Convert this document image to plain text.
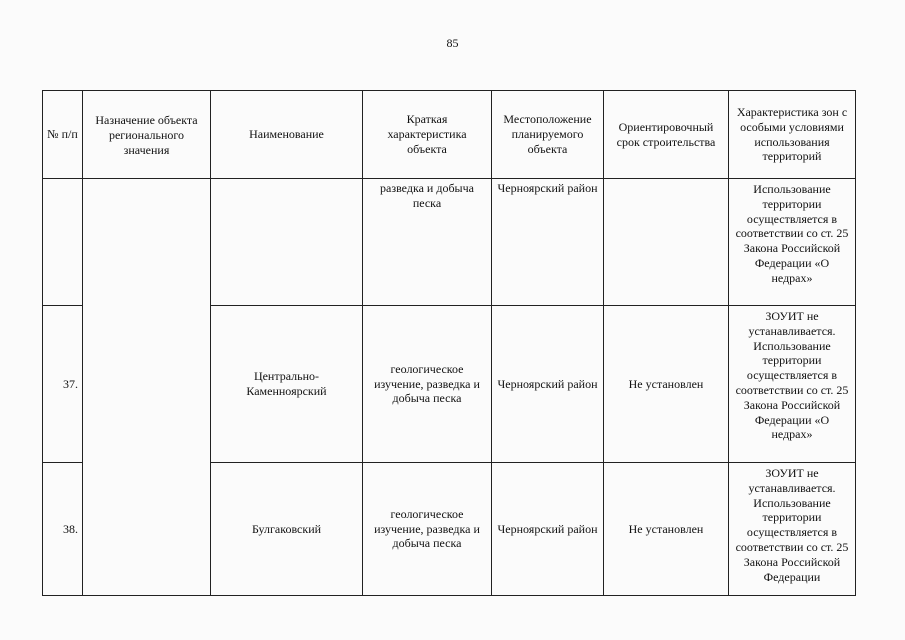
85
№ п/п	Назначение объекта регионального значения	Наименование	Краткая характеристика объекта	Местоположение планируемого объекта	Ориентировочный срок строительства	Характеристика зон с особыми условиями использования территорий
			разведка и добыча песка	Черноярский район		Использование территории осуществляется в соответствии со ст. 25 Закона Российской Федерации «О недрах»
37.		Центрально-Каменноярский	геологическое изучение, разведка и добыча песка	Черноярский район	Не установлен	ЗОУИТ не устанавливается. Использование территории осуществляется в соответствии со ст. 25 Закона Российской Федерации «О недрах»
38.		Булгаковский	геологическое изучение, разведка и добыча песка	Черноярский район	Не установлен	ЗОУИТ не устанавливается. Использование территории осуществляется в соответствии со ст. 25 Закона Российской Федерации
